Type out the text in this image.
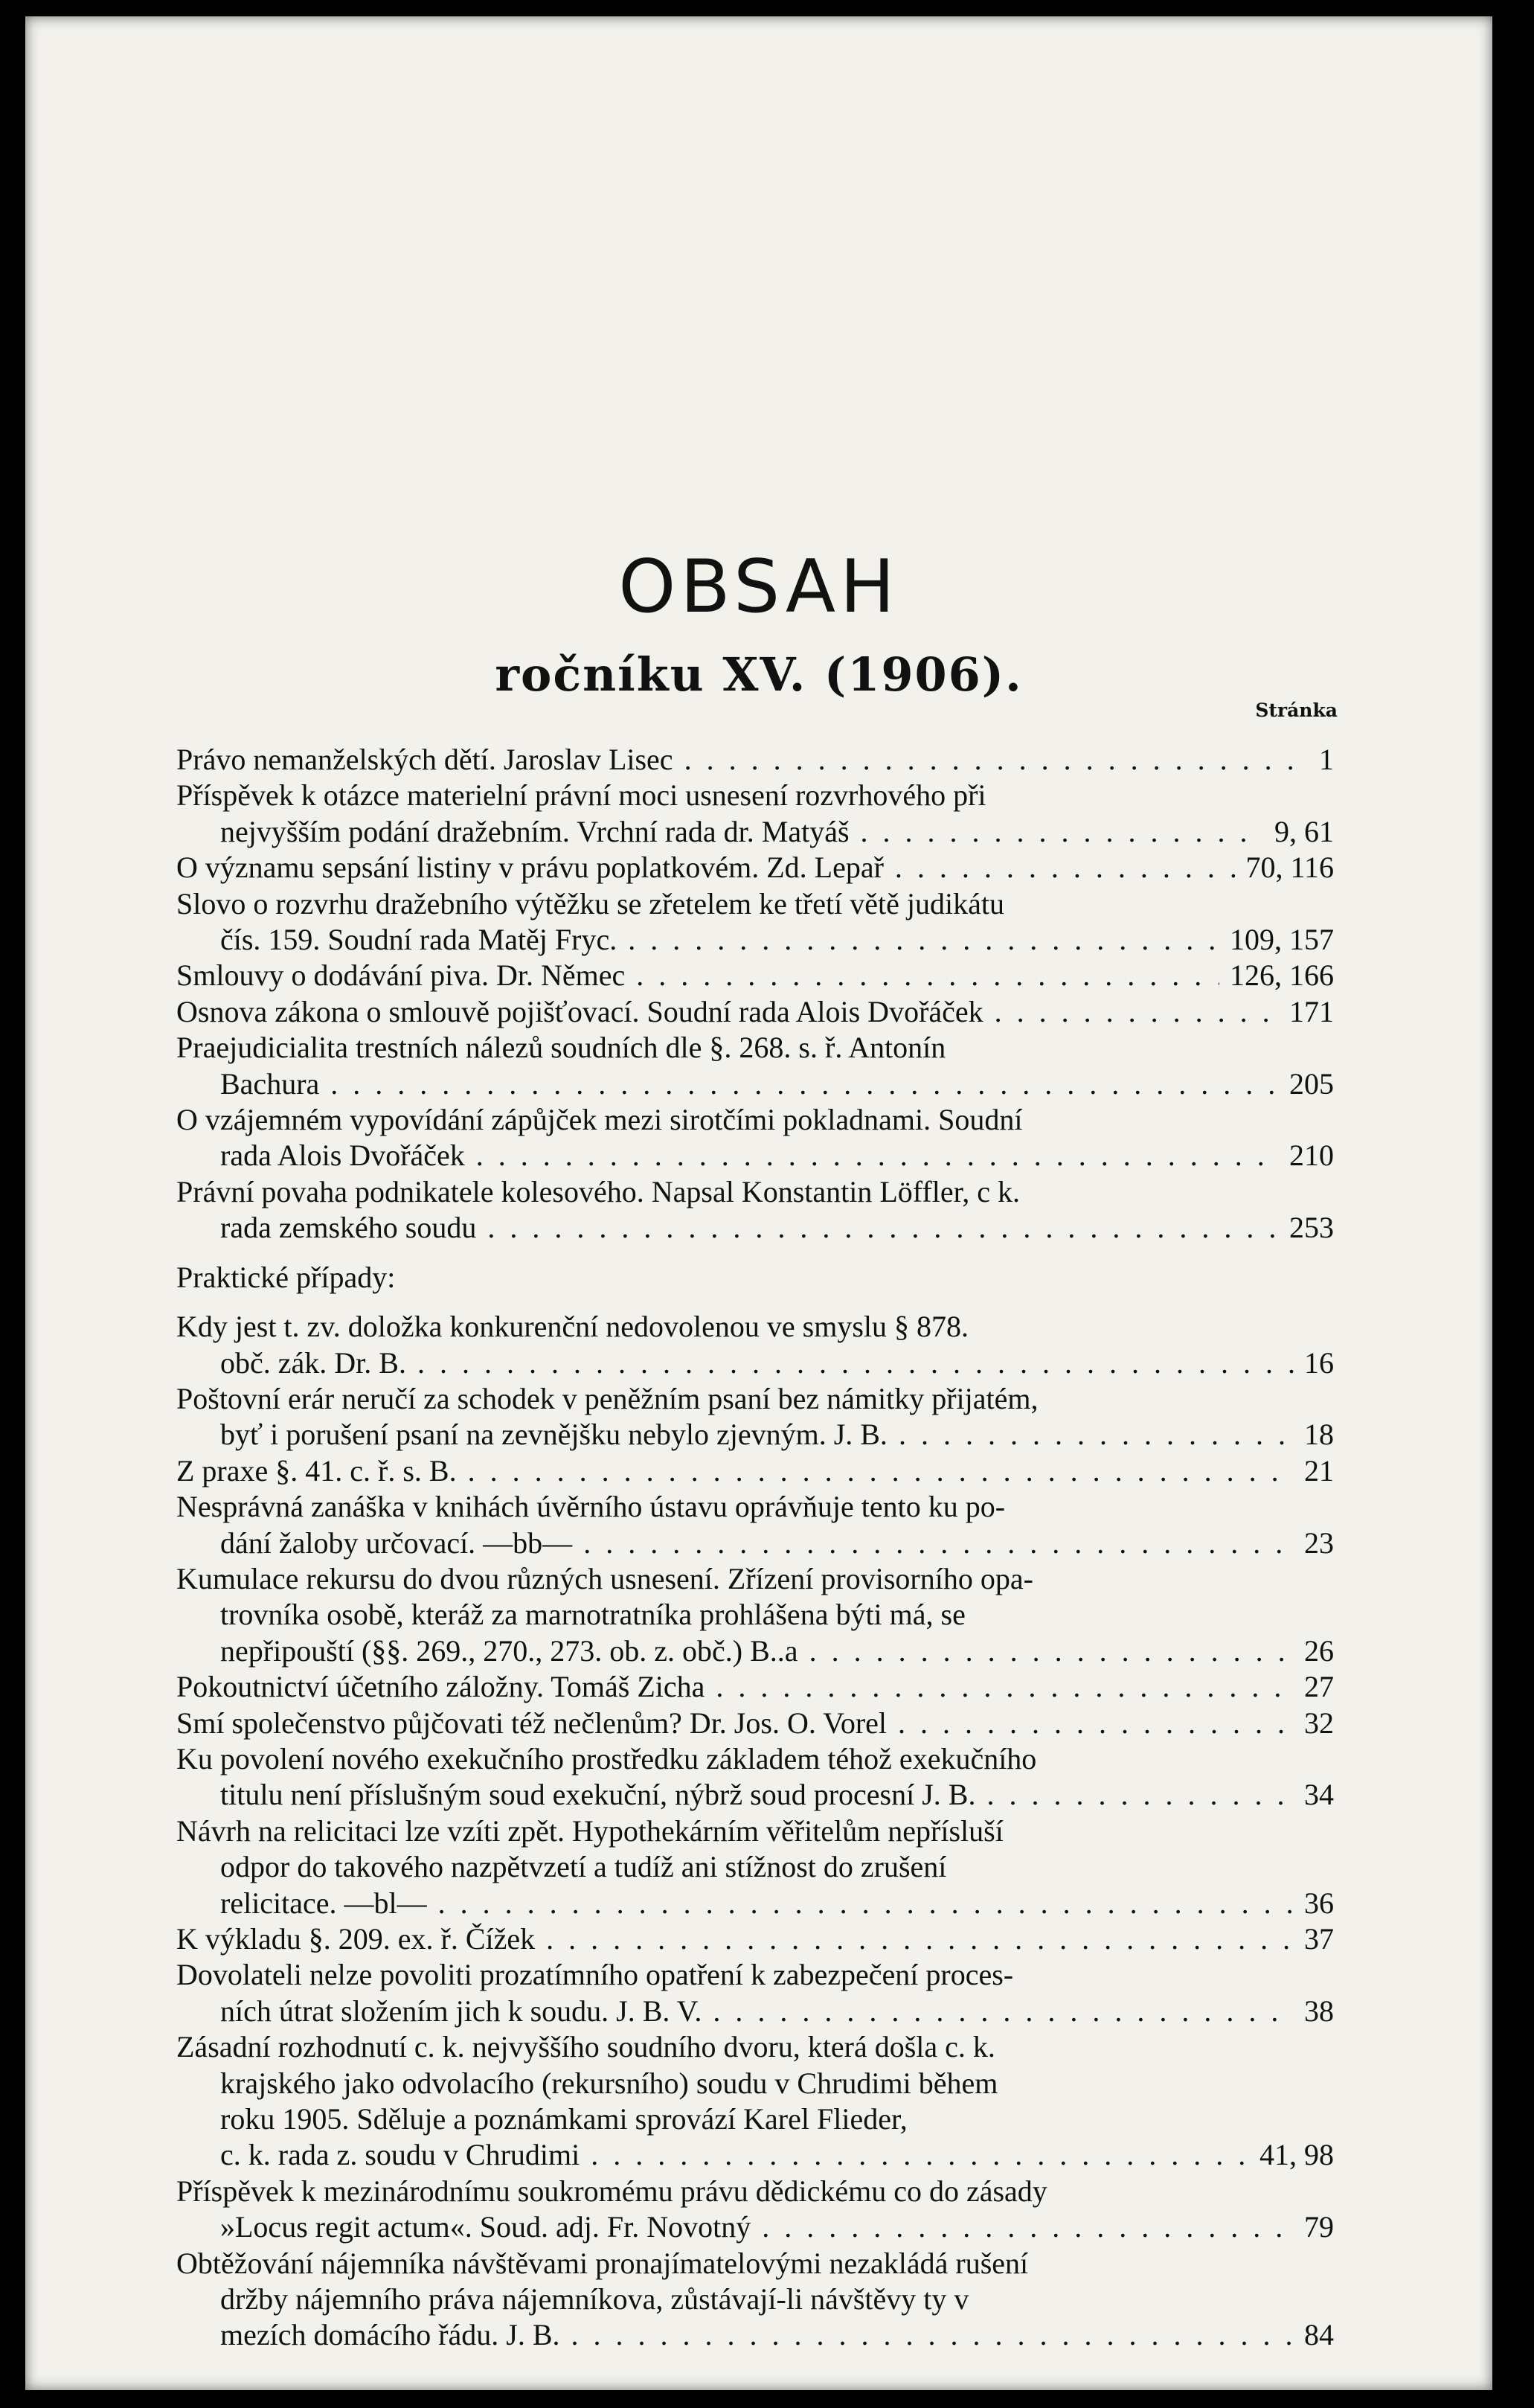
OBSAH
ročníku XV. (1906).
Stránka
Právo nemanželských dětí. Jaroslav Lisec . . .	1
Příspěvek k otázce materielní právní moci usnesení rozvrhového při
nejvyšším podání dražebním. Vrchní rada dr. Matyáš . . .	9, 61
O významu sepsání listiny v právu poplatkovém. Zd. Lepař . . .	70, 116
Slovo o rozvrhu dražebního výtěžku se zřetelem ke třetí větě judikátu
čís. 159. Soudní rada Matěj Fryc. . . .	109, 157
Smlouvy o dodávání piva. Dr. Němec . . .	126, 166
Osnova zákona o smlouvě pojišťovací. Soudní rada Alois Dvořáček . . .	171
Praejudicialita trestních nálezů soudních dle §. 268. s. ř. Antonín
Bachura . . .	205
O vzájemném vypovídání zápůjček mezi sirotčími pokladnami. Soudní
rada Alois Dvořáček . . .	210
Právní povaha podnikatele kolesového. Napsal Konstantin Löffler, c k.
rada zemského soudu . . .	253
Praktické případy:
Kdy jest t. zv. doložka konkurenční nedovolenou ve smyslu § 878.
obč. zák. Dr. B. . . .	16
Poštovní erár neručí za schodek v peněžním psaní bez námitky přijatém,
byť i porušení psaní na zevnějšku nebylo zjevným. J. B. . . .	18
Z praxe §. 41. c. ř. s. B. . . .	21
Nesprávná zanáška v knihách úvěrního ústavu oprávňuje tento ku po-
dání žaloby určovací. —bb— . . .	23
Kumulace rekursu do dvou různých usnesení. Zřízení provisorního opa-
trovníka osobě, kteráž za marnotratníka prohlášena býti má, se
nepřipouští (§§. 269., 270., 273. ob. z. obč.) B..a . . .	26
Pokoutnictví účetního záložny. Tomáš Zicha . . .	27
Smí společenstvo půjčovati též nečlenům? Dr. Jos. O. Vorel . . .	32
Ku povolení nového exekučního prostředku základem téhož exekučního
titulu není příslušným soud exekuční, nýbrž soud procesní J. B. . . .	34
Návrh na relicitaci lze vzíti zpět. Hypothekárním věřitelům nepřísluší
odpor do takového nazpětvzetí a tudíž ani stížnost do zrušení
relicitace. —bl— . . .	36
K výkladu §. 209. ex. ř. Čížek . . .	37
Dovolateli nelze povoliti prozatímního opatření k zabezpečení proces-
ních útrat složením jich k soudu. J. B. V. . . .	38
Zásadní rozhodnutí c. k. nejvyššího soudního dvoru, která došla c. k.
krajského jako odvolacího (rekursního) soudu v Chrudimi během
roku 1905. Sděluje a poznámkami sprovází Karel Flieder,
c. k. rada z. soudu v Chrudimi . . .	41, 98
Příspěvek k mezinárodnímu soukromému právu dědickému co do zásady
»Locus regit actum«. Soud. adj. Fr. Novotný . . .	79
Obtěžování nájemníka návštěvami pronajímatelovými nezakládá rušení
držby nájemního práva nájemníkova, zůstávají-li návštěvy ty v
mezích domácího řádu. J. B. . . .	84
